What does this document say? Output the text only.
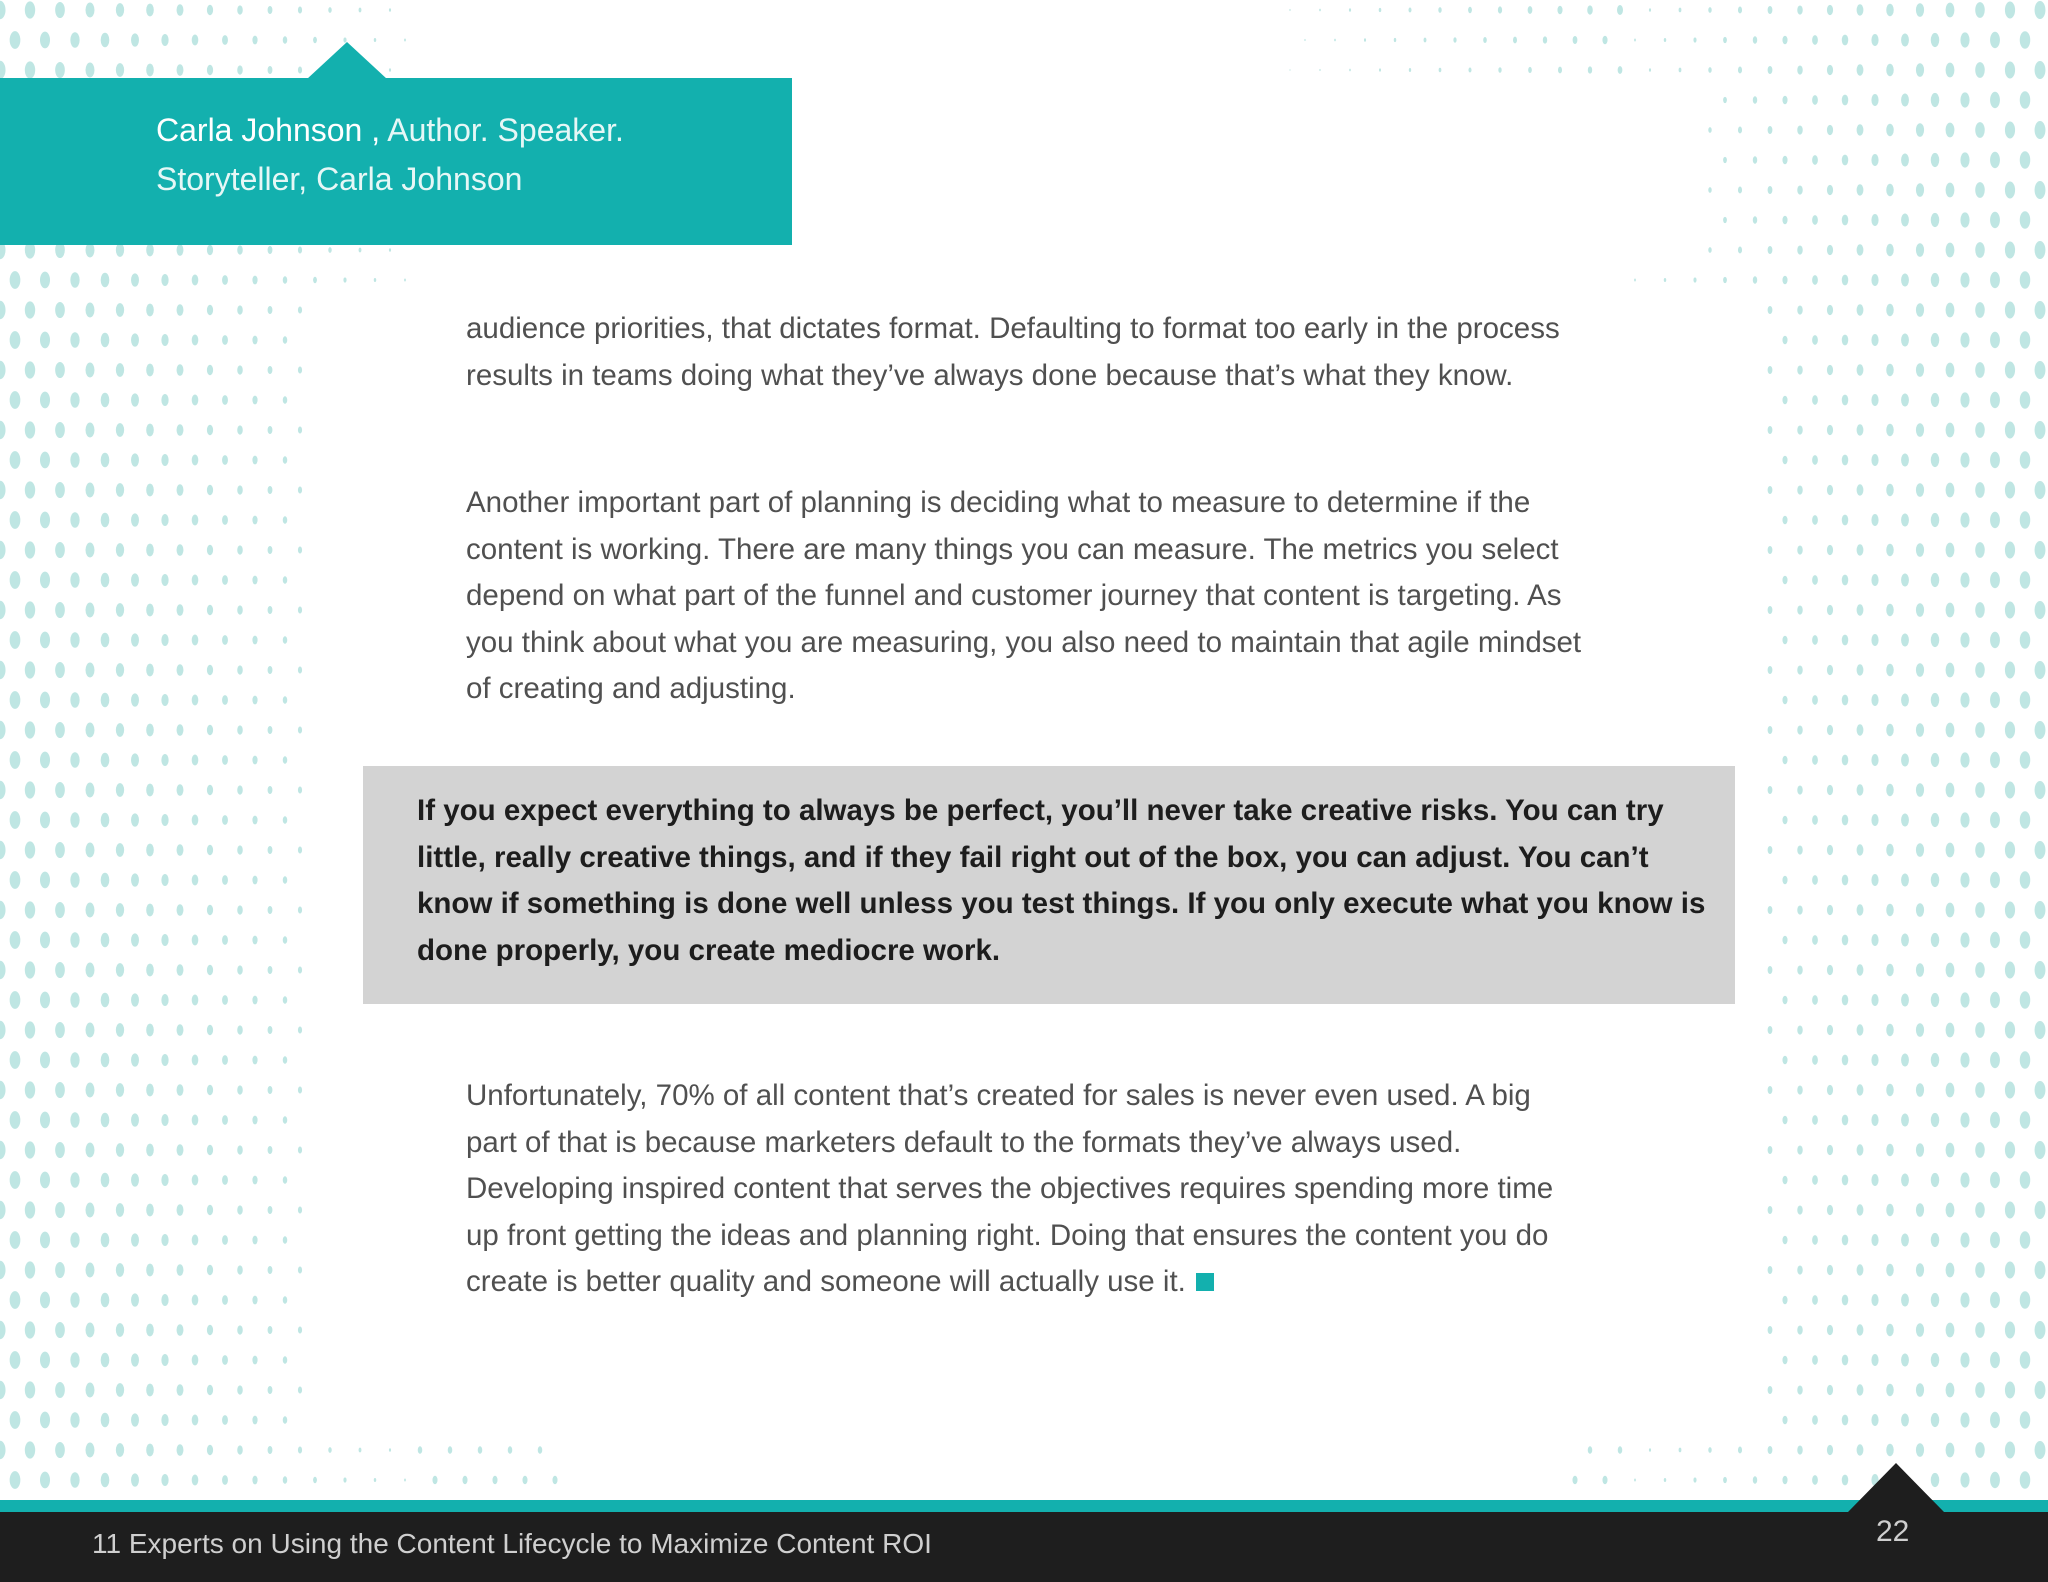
Carla Johnson , Author. Speaker. Storyteller, Carla Johnson

audience priorities, that dictates format. Defaulting to format too early in the process results in teams doing what they’ve always done because that’s what they know.

Another important part of planning is deciding what to measure to determine if the content is working. There are many things you can measure. The metrics you select depend on what part of the funnel and customer journey that content is targeting. As you think about what you are measuring, you also need to maintain that agile mindset of creating and adjusting.

If you expect everything to always be perfect, you’ll never take creative risks. You can try little, really creative things, and if they fail right out of the box, you can adjust. You can’t know if something is done well unless you test things. If you only execute what you know is done properly, you create mediocre work.

Unfortunately, 70% of all content that’s created for sales is never even used. A big part of that is because marketers default to the formats they’ve always used. Developing inspired content that serves the objectives requires spending more time up front getting the ideas and planning right. Doing that ensures the content you do create is better quality and someone will actually use it.

11 Experts on Using the Content Lifecycle to Maximize Content ROI	22
